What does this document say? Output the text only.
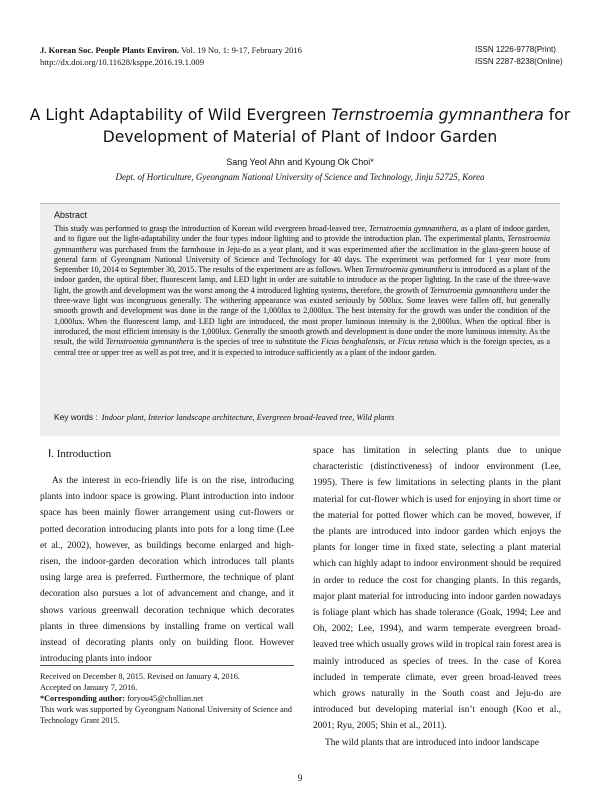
J. Korean Soc. People Plants Environ. Vol. 19 No. 1: 9-17, February 2016
http://dx.doi.org/10.11628/ksppe.2016.19.1.009
ISSN 1226-9778(Print)
ISSN 2287-8238(Online)
A Light Adaptability of Wild Evergreen Ternstroemia gymnanthera for
Development of Material of Plant of Indoor Garden
Sang Yeol Ahn and Kyoung Ok Choi*
Dept. of Horticulture, Gyeongnam National University of Science and Technology, Jinju 52725, Korea
Abstract
This study was performed to grasp the introduction of Korean wild evergreen broad-leaved tree, Ternstroemia gymnanthera, as a plant of indoor garden, and to figure out the light-adaptability under the four types indoor lighting and to provide the introduction plan. The experimental plants, Ternstroemia gymnanthera was purchased from the farmhouse in Jeju-do as a year plant, and it was experimented after the acclimation in the glass-green house of general farm of Gyeongnam National University of Science and Technology for 40 days. The experiment was performed for 1 year more from September 10, 2014 to September 30, 2015. The results of the experiment are as follows. When Ternstroemia gymnanthera is introduced as a plant of the indoor garden, the optical fiber, fluorescent lamp, and LED light in order are suitable to introduce as the proper lighting. In the case of the three-wave light, the growth and development was the worst among the 4 introduced lighting systems, therefore, the growth of Ternstroemia gymnanthera under the three-wave light was incongruous generally. The withering appearance was existed seriously by 500lux. Some leaves were fallen off, but generally smooth growth and development was done in the range of the 1,000lux to 2,000lux. The best intensity for the growth was under the condition of the 1,000lux. When the fluorescent lamp, and LED light are introduced, the most proper luminous intensity is the 2,000lux. When the optical fiber is introduced, the most efficient intensity is the 1,000lux. Generally the smooth growth and development is done under the more luminous intensity. As the result, the wild Ternstroemia gymnanthera is the species of tree to substitute the Ficus benghalensis, or Ficus retusa which is the foreign species, as a central tree or upper tree as well as pot tree, and it is expected to introduce sufficiently as a plant of the indoor garden.
Key words : Indoor plant, Interior landscape architecture, Evergreen broad-leaved tree, Wild plants
Ⅰ. Introduction

As the interest in eco-friendly life is on the rise, introducing plants into indoor space is growing. Plant introduction into indoor space has been mainly flower arrangement using cut-flowers or potted decoration introducing plants into pots for a long time (Lee et al., 2002), however, as buildings become enlarged and high-risen, the indoor-garden decoration which introduces tall plants using large area is preferred. Furthermore, the technique of plant decoration also pursues a lot of advancement and change, and it shows various greenwall decoration technique which decorates plants in three dimensions by installing frame on vertical wall instead of decorating plants only on building floor. However introducing plants into indoor

Received on December 8, 2015. Revised on January 4, 2016.
Accepted on January 7, 2016.
*Corresponding author: foryou45@chollian.net
This work was supported by Gyeongnam National University of Science and Technology Grant 2015.

space has limitation in selecting plants due to unique characteristic (distinctiveness) of indoor environment (Lee, 1995). There is few limitations in selecting plants in the plant material for cut-flower which is used for enjoying in short time or the material for potted flower which can be moved, however, if the plants are introduced into indoor garden which enjoys the plants for longer time in fixed state, selecting a plant material which can highly adapt to indoor environment should be required in order to reduce the cost for changing plants. In this regards, major plant material for introducing into indoor garden nowadays is foliage plant which has shade tolerance (Goak, 1994; Lee and Oh, 2002; Lee, 1994), and warm temperate evergreen broad-leaved tree which usually grows wild in tropical rain forest area is mainly introduced as species of trees. In the case of Korea included in temperate climate, ever green broad-leaved trees which grows naturally in the South coast and Jeju-do are introduced but developing material isn’t enough (Koo et al., 2001; Ryu, 2005; Shin et al., 2011).

The wild plants that are introduced into indoor landscape

9
